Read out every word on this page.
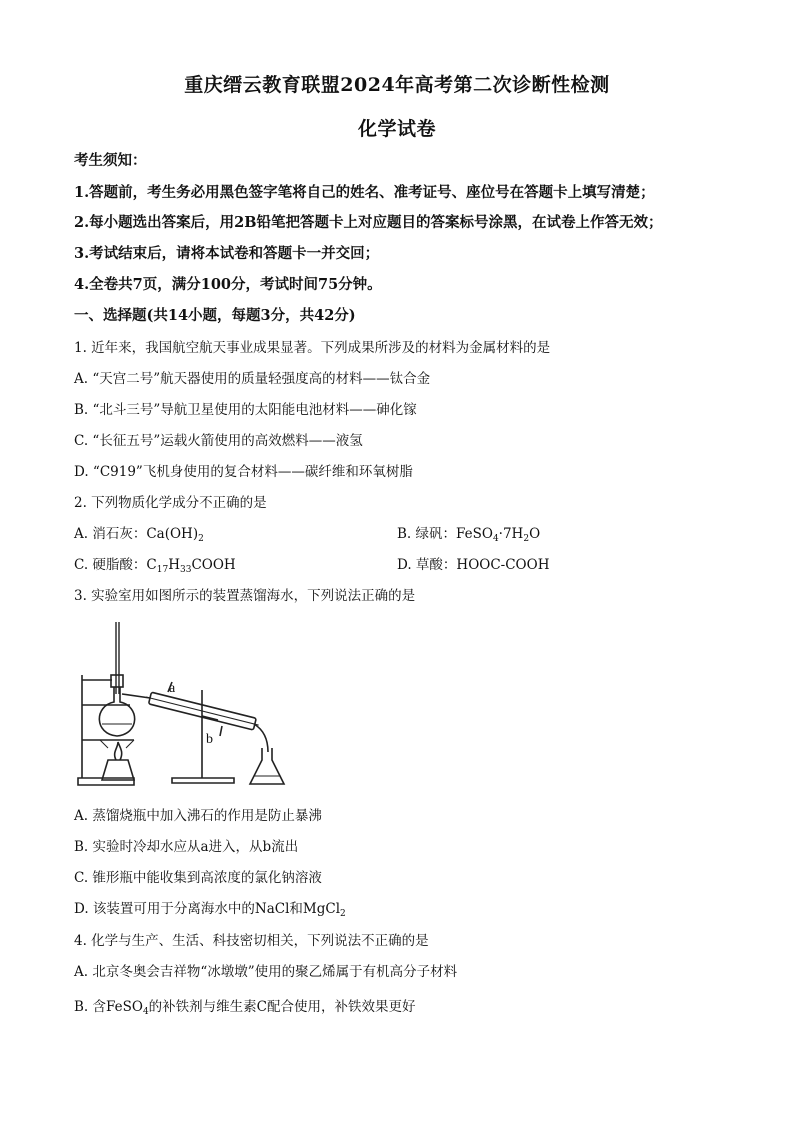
重庆缙云教育联盟2024年高考第二次诊断性检测
化学试卷
考生须知：
1.答题前，考生务必用黑色签字笔将自己的姓名、准考证号、座位号在答题卡上填写清楚；
2.每小题选出答案后，用2B铅笔把答题卡上对应题目的答案标号涂黑，在试卷上作答无效；
3.考试结束后，请将本试卷和答题卡一并交回；
4.全卷共7页，满分100分，考试时间75分钟。
一、选择题(共14小题，每题3分，共42分)
1. 近年来，我国航空航天事业成果显著。下列成果所涉及的材料为金属材料的是
A. “天宫二号”航天器使用的质量轻强度高的材料——钛合金
B. “北斗三号”导航卫星使用的太阳能电池材料——砷化镓
C. “长征五号”运载火箭使用的高效燃料——液氢
D. “C919”飞机身使用的复合材料——碳纤维和环氧树脂
2. 下列物质化学成分不正确的是
A. 消石灰：$Ca(OH)_2$	B. 绿矾：$FeSO_4\cdot 7H_2O$
C. 硬脂酸：$C_{17}H_{33}COOH$	D. 草酸：HOOC-COOH
3. 实验室用如图所示的装置蒸馏海水，下列说法正确的是
a
b
A. 蒸馏烧瓶中加入沸石的作用是防止暴沸
B. 实验时冷却水应从a进入，从b流出
C. 锥形瓶中能收集到高浓度的氯化钠溶液
D. 该装置可用于分离海水中的NaCl和MgCl$_2$
4. 化学与生产、生活、科技密切相关，下列说法不正确的是
A. 北京冬奥会吉祥物“冰墩墩”使用的聚乙烯属于有机高分子材料
B. 含FeSO$_4$的补铁剂与维生素C配合使用，补铁效果更好
